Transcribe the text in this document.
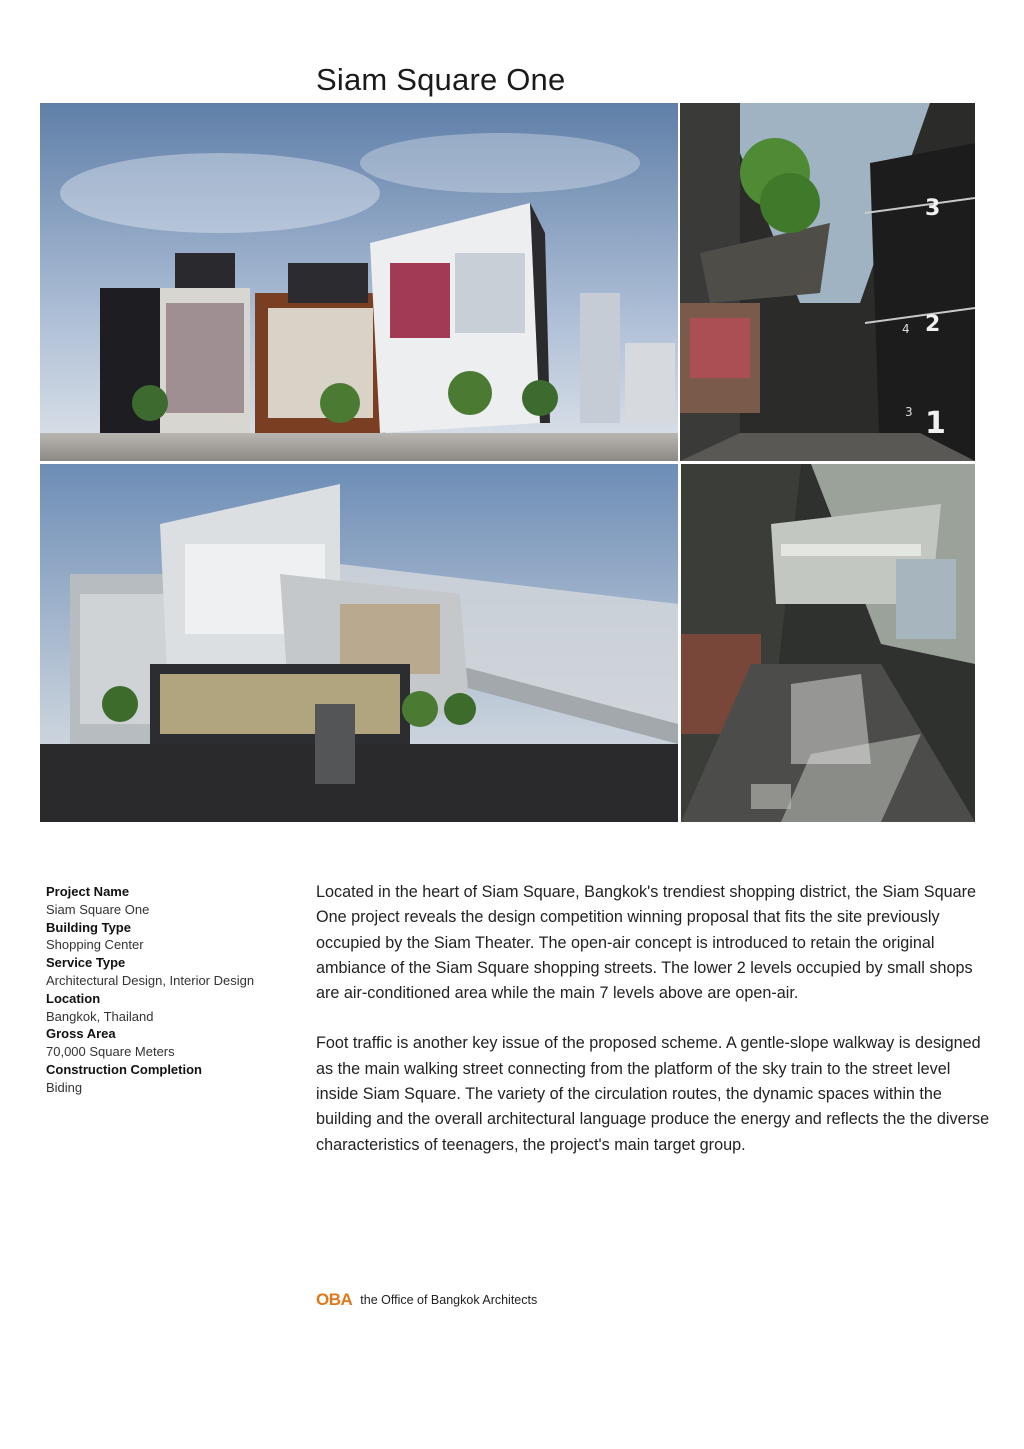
Siam Square One
3
2
1
4
3
Project Name
Siam Square One
Building Type
Shopping Center
Service Type
Architectural Design, Interior Design
Location
Bangkok, Thailand
Gross Area
70,000 Square Meters
Construction Completion
Biding

Located in the heart of Siam Square, Bangkok's trendiest shopping district, the Siam Square One project reveals the design competition winning proposal that fits the site previously occupied by the Siam Theater. The open-air concept is introduced to retain the original ambiance of the Siam Square shopping streets. The lower 2 levels occupied by small shops are air-conditioned area while the main 7 levels above are open-air.

Foot traffic is another key issue of the proposed scheme. A gentle-slope walkway is designed as the main walking street connecting from the platform of the sky train to the street level inside Siam Square. The variety of the circulation routes, the dynamic spaces within the building and the overall architectural language produce the energy and reflects the the diverse characteristics of teenagers, the project's main target group.

OBA the Office of Bangkok Architects
